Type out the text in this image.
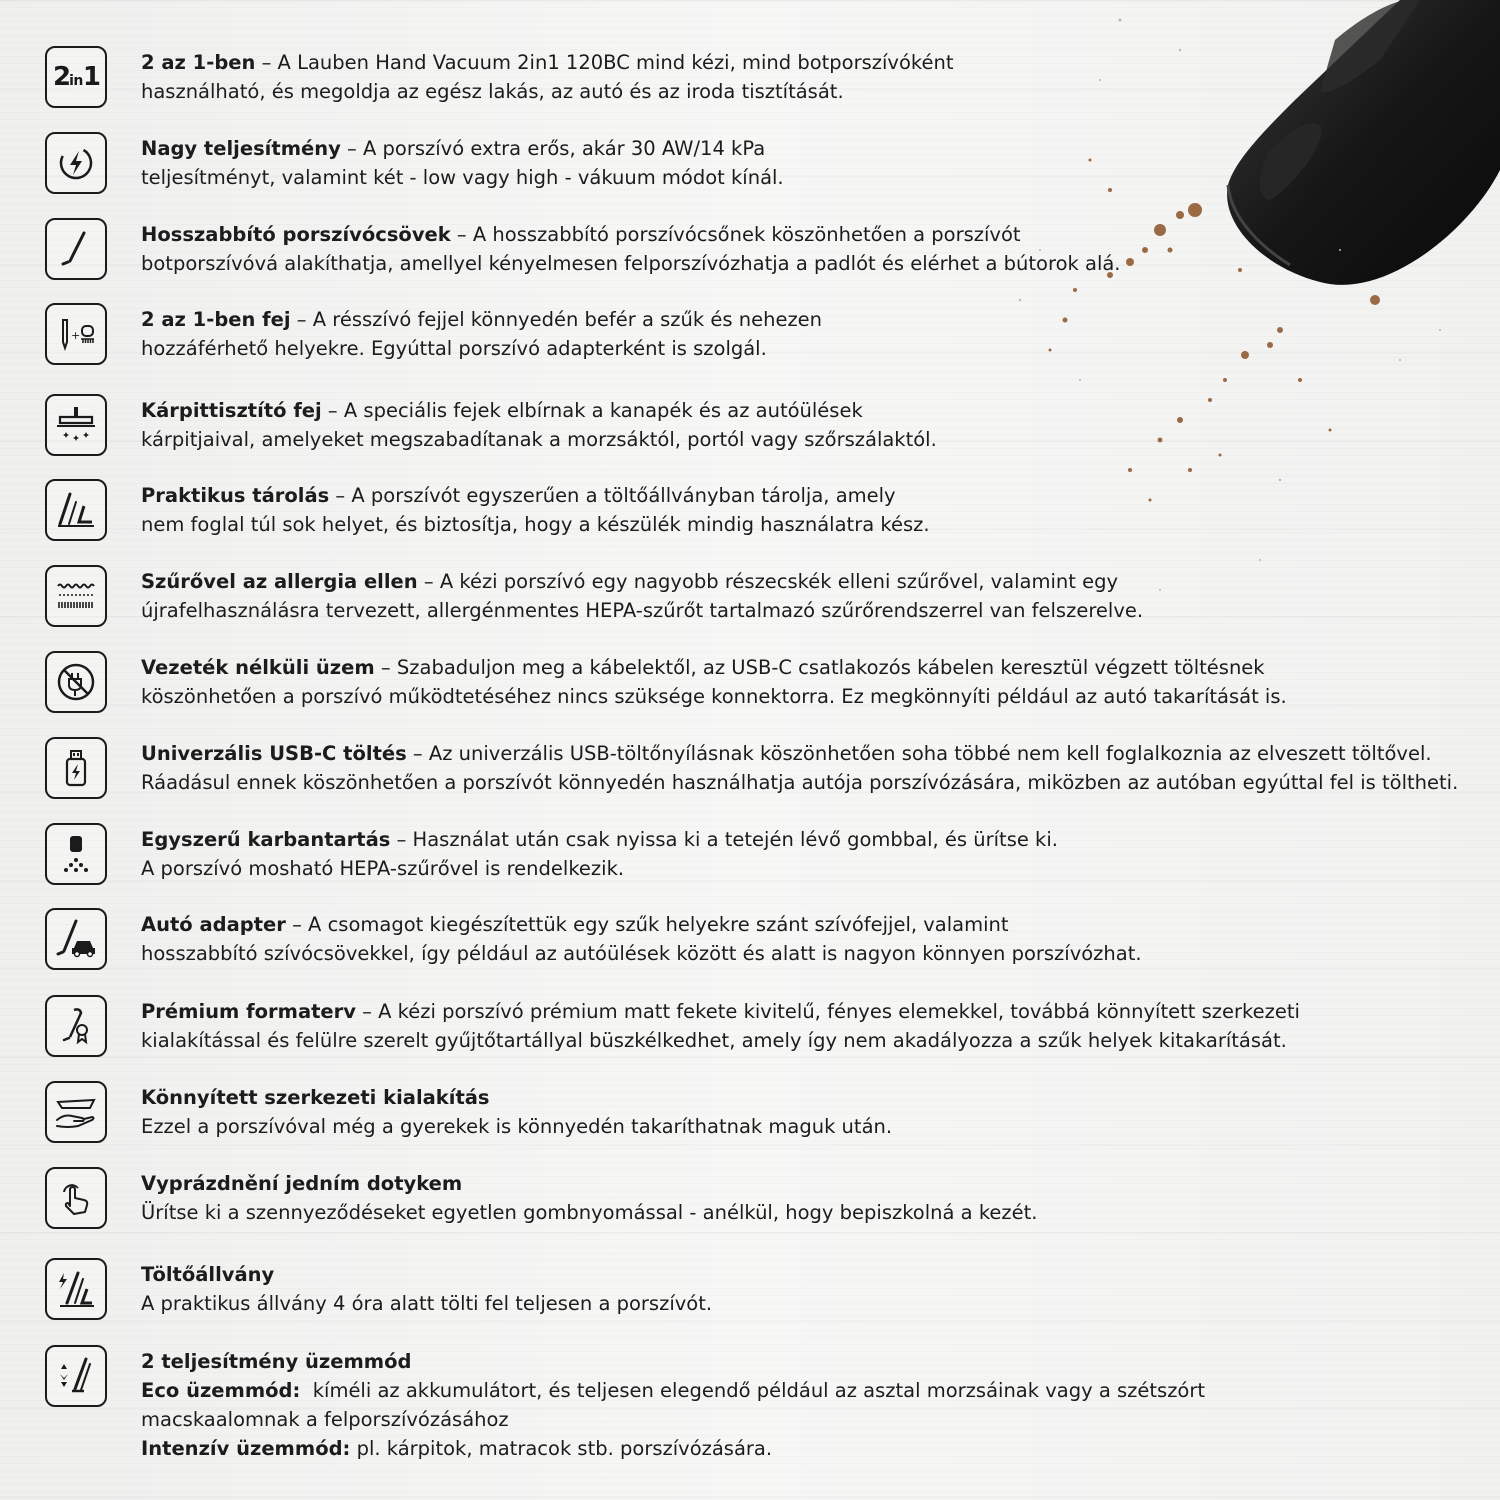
2in1 2 az 1-ben – A Lauben Hand Vacuum 2in1 120BC mind kézi, mind botporszívóként
használható, és megoldja az egész lakás, az autó és az iroda tisztítását.
Nagy teljesítmény – A porszívó extra erős, akár 30 AW/14 kPa
teljesítményt, valamint két - low vagy high - vákuum módot kínál.
Hosszabbító porszívócsövek – A hosszabbító porszívócsőnek köszönhetően a porszívót
botporszívóvá alakíthatja, amellyel kényelmesen felporszívózhatja a padlót és elérhet a bútorok alá.
+
2 az 1-ben fej – A résszívó fejjel könnyedén befér a szűk és nehezen
hozzáférhető helyekre. Egyúttal porszívó adapterként is szolgál.
Kárpittisztító fej – A speciális fejek elbírnak a kanapék és az autóülések
kárpitjaival, amelyeket megszabadítanak a morzsáktól, portól vagy szőrszálaktól.
Praktikus tárolás – A porszívót egyszerűen a töltőállványban tárolja, amely
nem foglal túl sok helyet, és biztosítja, hogy a készülék mindig használatra kész.
Szűrővel az allergia ellen – A kézi porszívó egy nagyobb részecskék elleni szűrővel, valamint egy
újrafelhasználásra tervezett, allergénmentes HEPA-szűrőt tartalmazó szűrőrendszerrel van felszerelve.
Vezeték nélküli üzem – Szabaduljon meg a kábelektől, az USB-C csatlakozós kábelen keresztül végzett töltésnek
köszönhetően a porszívó működtetéséhez nincs szüksége konnektorra. Ez megkönnyíti például az autó takarítását is.
Univerzális USB-C töltés – Az univerzális USB-töltőnyílásnak köszönhetően soha többé nem kell foglalkoznia az elveszett töltővel.
Ráadásul ennek köszönhetően a porszívót könnyedén használhatja autója porszívózására, miközben az autóban egyúttal fel is töltheti.
Egyszerű karbantartás – Használat után csak nyissa ki a tetején lévő gombbal, és ürítse ki.
A porszívó mosható HEPA-szűrővel is rendelkezik.
Autó adapter – A csomagot kiegészítettük egy szűk helyekre szánt szívófejjel, valamint
hosszabbító szívócsövekkel, így például az autóülések között és alatt is nagyon könnyen porszívózhat.
Prémium formaterv – A kézi porszívó prémium matt fekete kivitelű, fényes elemekkel, továbbá könnyített szerkezeti
kialakítással és felülre szerelt gyűjtőtartállyal büszkélkedhet, amely így nem akadályozza a szűk helyek kitakarítását.
Könnyített szerkezeti kialakítás
Ezzel a porszívóval még a gyerekek is könnyedén takaríthatnak maguk után.
Vyprázdnění jedním dotykem
Ürítse ki a szennyeződéseket egyetlen gombnyomással - anélkül, hogy bepiszkolná a kezét.
Töltőállvány
A praktikus állvány 4 óra alatt tölti fel teljesen a porszívót.
2 teljesítmény üzemmód
Eco üzemmód: kíméli az akkumulátort, és teljesen elegendő például az asztal morzsáinak vagy a szétszórt
macskaalomnak a felporszívózásához
Intenzív üzemmód: pl. kárpitok, matracok stb. porszívózására.
